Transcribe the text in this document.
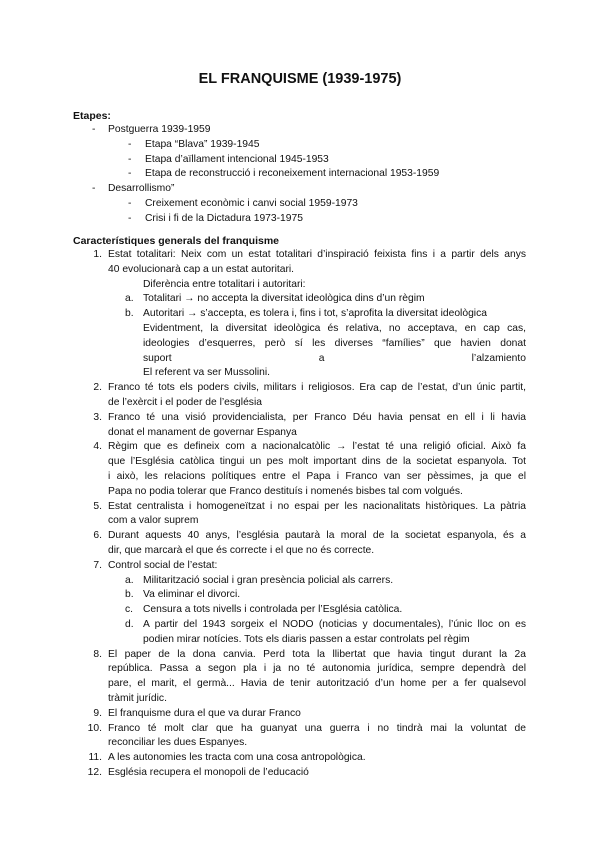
EL FRANQUISME (1939-1975)
Etapes:
- Postguerra 1939-1959
- Etapa “Blava” 1939-1945
- Etapa d’aïllament intencional 1945-1953
- Etapa de reconstrucció i reconeixement internacional 1953-1959
- Desarrollismo”
- Creixement econòmic i canvi social 1959-1973
- Crisi i fi de la Dictadura 1973-1975
Característiques generals del franquisme
1. Estat totalitari: Neix com un estat totalitari d’inspiració feixista fins i a partir dels anys
40 evolucionarà cap a un estat autoritari.
Diferència entre totalitari i autoritari:
a. Totalitari → no accepta la diversitat ideològica dins d’un règim
b. Autoritari → s’accepta, es tolera i, fins i tot, s’aprofita la diversitat ideològica
Evidentment, la diversitat ideològica és relativa, no acceptava, en cap cas,
ideologies d’esquerres, però sí les diverses “famílies” que havien donat
suport a l’alzamiento
El referent va ser Mussolini.
2. Franco té tots els poders civils, militars i religiosos. Era cap de l’estat, d’un únic partit,
de l’exèrcit i el poder de l’església
3. Franco té una visió providencialista, per Franco Déu havia pensat en ell i li havia
donat el manament de governar Espanya
4. Règim que es defineix com a nacionalcatòlic → l’estat té una religió oficial. Això fa
que l’Església catòlica tingui un pes molt important dins de la societat espanyola. Tot
i això, les relacions polítiques entre el Papa i Franco van ser pèssimes, ja que el
Papa no podia tolerar que Franco destituís i nomenés bisbes tal com volgués.
5. Estat centralista i homogeneïtzat i no espai per les nacionalitats històriques. La pàtria
com a valor suprem
6. Durant aquests 40 anys, l’església pautarà la moral de la societat espanyola, és a
dir, que marcarà el que és correcte i el que no és correcte.
7. Control social de l’estat:
a. Militarització social i gran presència policial als carrers.
b. Va eliminar el divorci.
c. Censura a tots nivells i controlada per l’Església catòlica.
d. A partir del 1943 sorgeix el NODO (noticias y documentales), l’únic lloc on es
podien mirar notícies. Tots els diaris passen a estar controlats pel règim
8. El paper de la dona canvia. Perd tota la llibertat que havia tingut durant la 2a
república. Passa a segon pla i ja no té autonomia jurídica, sempre dependrà del
pare, el marit, el germà... Havia de tenir autorització d’un home per a fer qualsevol
tràmit jurídic.
9. El franquisme dura el que va durar Franco
10. Franco té molt clar que ha guanyat una guerra i no tindrà mai la voluntat de
reconciliar les dues Espanyes.
11. A les autonomies les tracta com una cosa antropològica.
12. Església recupera el monopoli de l’educació
